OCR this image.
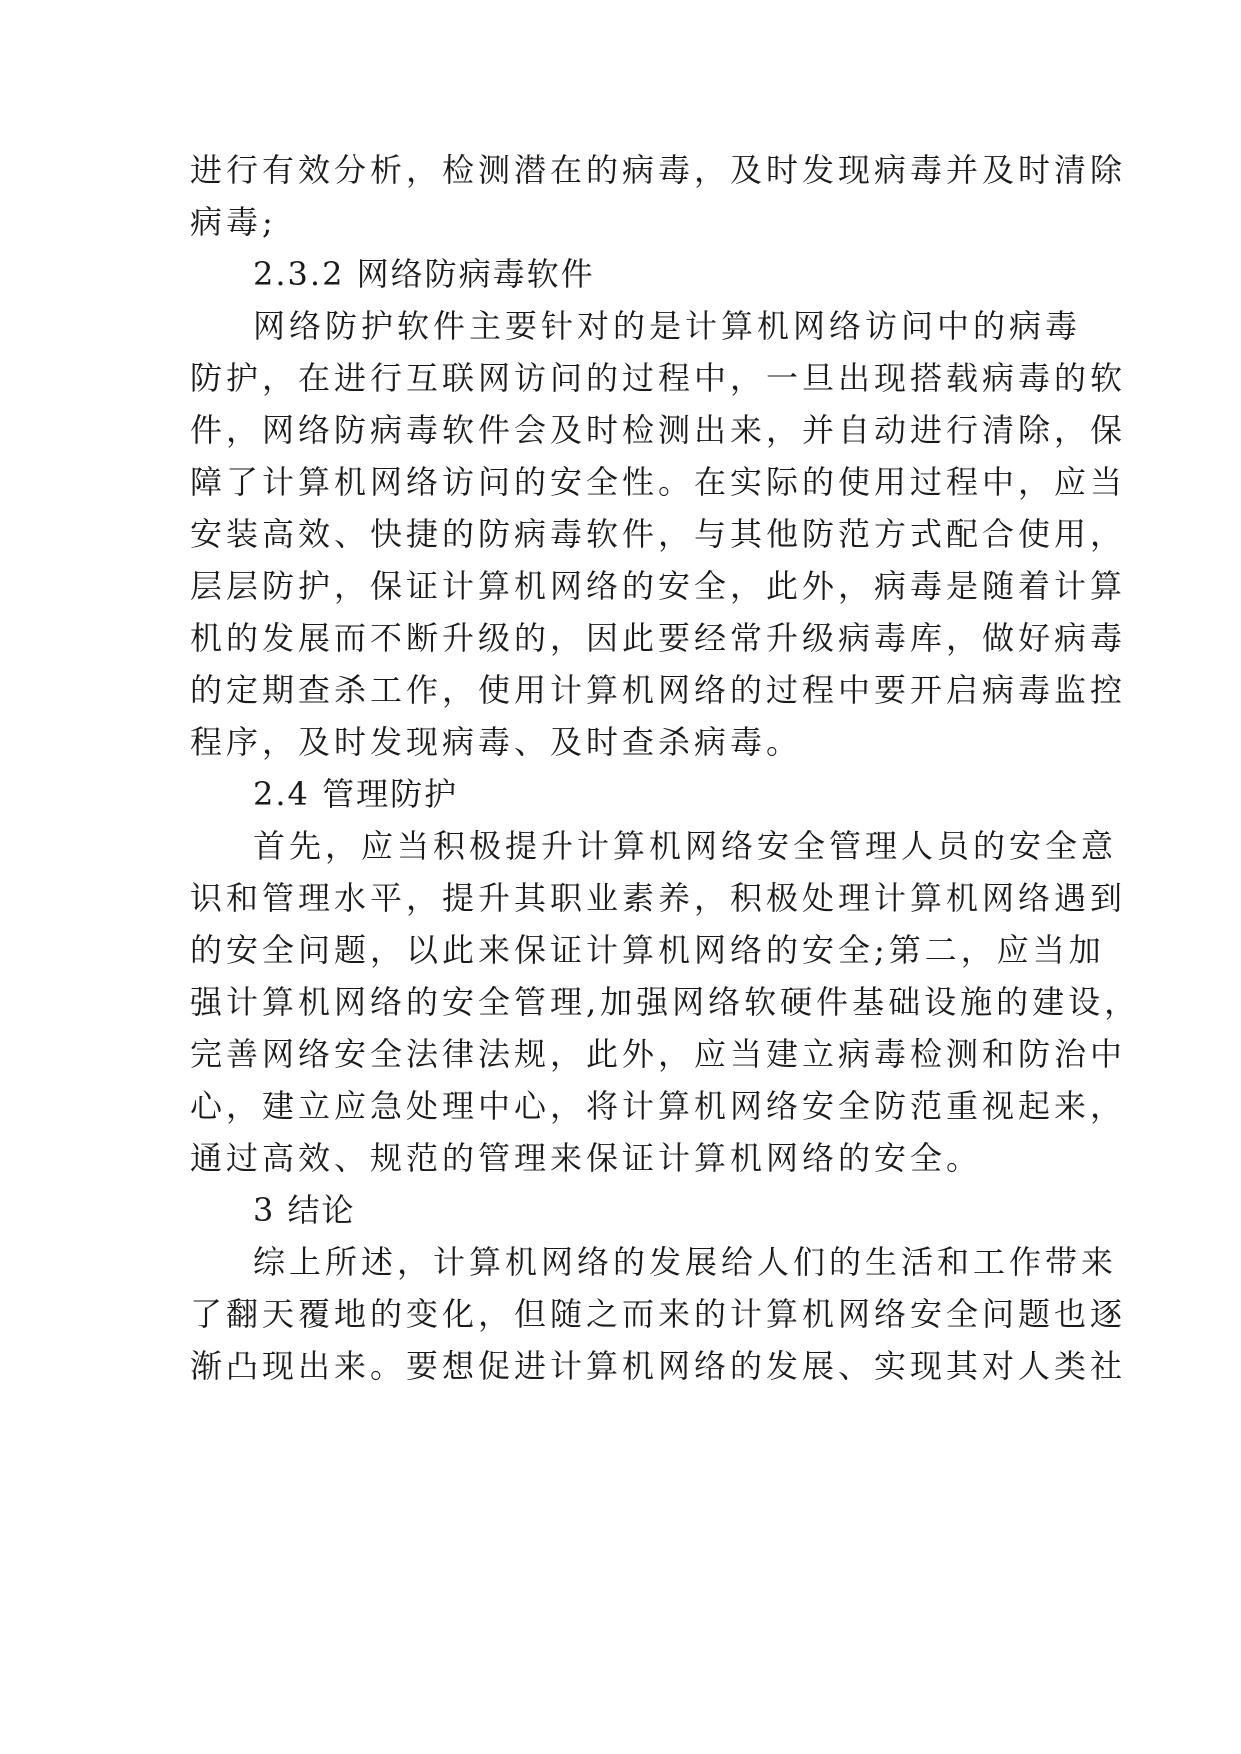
进行有效分析，检测潜在的病毒，及时发现病毒并及时清除
病毒;
2.3.2 网络防病毒软件
网络防护软件主要针对的是计算机网络访问中的病毒
防护，在进行互联网访问的过程中，一旦出现搭载病毒的软
件，网络防病毒软件会及时检测出来，并自动进行清除，保
障了计算机网络访问的安全性。在实际的使用过程中，应当
安装高效、快捷的防病毒软件，与其他防范方式配合使用，
层层防护，保证计算机网络的安全，此外，病毒是随着计算
机的发展而不断升级的，因此要经常升级病毒库，做好病毒
的定期查杀工作，使用计算机网络的过程中要开启病毒监控
程序，及时发现病毒、及时查杀病毒。
2.4 管理防护
首先，应当积极提升计算机网络安全管理人员的安全意
识和管理水平，提升其职业素养，积极处理计算机网络遇到
的安全问题，以此来保证计算机网络的安全;第二，应当加
强计算机网络的安全管理,加强网络软硬件基础设施的建设，
完善网络安全法律法规，此外，应当建立病毒检测和防治中
心，建立应急处理中心，将计算机网络安全防范重视起来，
通过高效、规范的管理来保证计算机网络的安全。
3 结论
综上所述，计算机网络的发展给人们的生活和工作带来
了翻天覆地的变化，但随之而来的计算机网络安全问题也逐
渐凸现出来。要想促进计算机网络的发展、实现其对人类社
